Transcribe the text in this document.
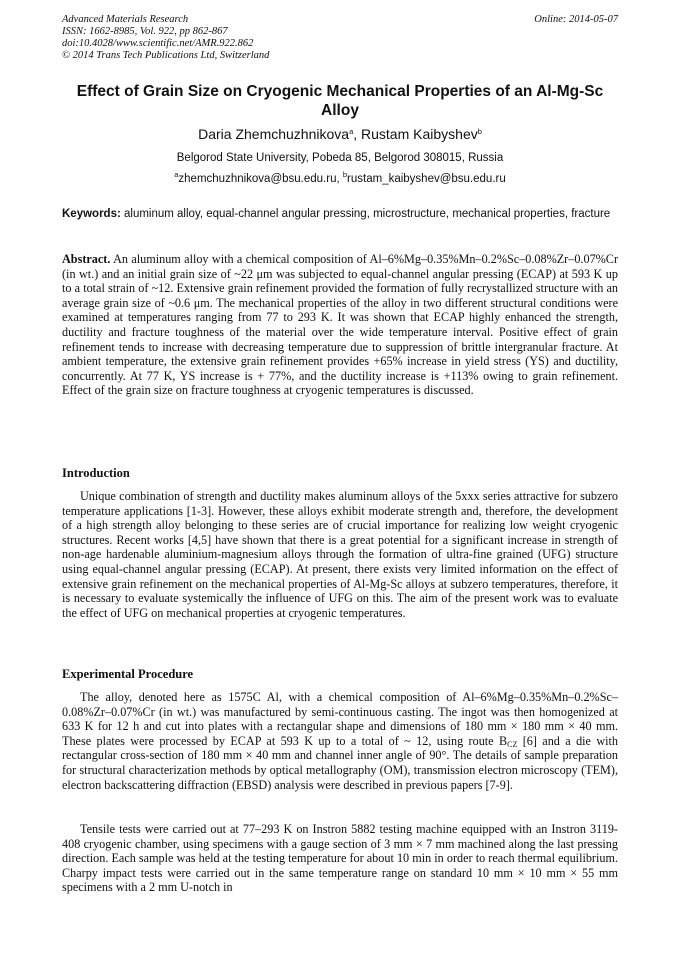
Advanced Materials Research
ISSN: 1662-8985, Vol. 922, pp 862-867
doi:10.4028/www.scientific.net/AMR.922.862
© 2014 Trans Tech Publications Ltd, Switzerland
Online: 2014-05-07
Effect of Grain Size on Cryogenic Mechanical Properties of an Al-Mg-Sc Alloy
Daria Zhemchuzhnikova$^a$, Rustam Kaibyshev$^b$
Belgorod State University, Pobeda 85, Belgorod 308015, Russia
$^a$zhemchuzhnikova@bsu.edu.ru, $^b$rustam_kaibyshev@bsu.edu.ru
Keywords: aluminum alloy, equal-channel angular pressing, microstructure, mechanical properties, fracture
Abstract. An aluminum alloy with a chemical composition of Al–6%Mg–0.35%Mn–0.2%Sc–0.08%Zr–0.07%Cr (in wt.) and an initial grain size of ~22 μm was subjected to equal-channel angular pressing (ECAP) at 593 K up to a total strain of ~12. Extensive grain refinement provided the formation of fully recrystallized structure with an average grain size of ~0.6 μm. The mechanical properties of the alloy in two different structural conditions were examined at temperatures ranging from 77 to 293 K. It was shown that ECAP highly enhanced the strength, ductility and fracture toughness of the material over the wide temperature interval. Positive effect of grain refinement tends to increase with decreasing temperature due to suppression of brittle intergranular fracture. At ambient temperature, the extensive grain refinement provides +65% increase in yield stress (YS) and ductility, concurrently. At 77 K, YS increase is + 77%, and the ductility increase is +113% owing to grain refinement. Effect of the grain size on fracture toughness at cryogenic temperatures is discussed.
Introduction

Unique combination of strength and ductility makes aluminum alloys of the 5xxx series attractive for subzero temperature applications [1-3]. However, these alloys exhibit moderate strength and, therefore, the development of a high strength alloy belonging to these series are of crucial importance for realizing low weight cryogenic structures. Recent works [4,5] have shown that there is a great potential for a significant increase in strength of non-age hardenable aluminium-magnesium alloys through the formation of ultra-fine grained (UFG) structure using equal-channel angular pressing (ECAP). At present, there exists very limited information on the effect of extensive grain refinement on the mechanical properties of Al-Mg-Sc alloys at subzero temperatures, therefore, it is necessary to evaluate systemically the influence of UFG on this. The aim of the present work was to evaluate the effect of UFG on mechanical properties at cryogenic temperatures.

Experimental Procedure

The alloy, denoted here as 1575C Al, with a chemical composition of Al–6%Mg–0.35%Mn–0.2%Sc–0.08%Zr–0.07%Cr (in wt.) was manufactured by semi-continuous casting. The ingot was then homogenized at 633 K for 12 h and cut into plates with a rectangular shape and dimensions of 180 mm × 180 mm × 40 mm. These plates were processed by ECAP at 593 K up to a total of ~ 12, using route $B_{CZ}$ [6] and a die with rectangular cross-section of 180 mm × 40 mm and channel inner angle of 90°. The details of sample preparation for structural characterization methods by optical metallography (OM), transmission electron microscopy (TEM), electron backscattering diffraction (EBSD) analysis were described in previous papers [7-9].

Tensile tests were carried out at 77–293 K on Instron 5882 testing machine equipped with an Instron 3119-408 cryogenic chamber, using specimens with a gauge section of 3 mm × 7 mm machined along the last pressing direction. Each sample was held at the testing temperature for about 10 min in order to reach thermal equilibrium. Charpy impact tests were carried out in the same temperature range on standard 10 mm × 10 mm × 55 mm specimens with a 2 mm U-notch in
